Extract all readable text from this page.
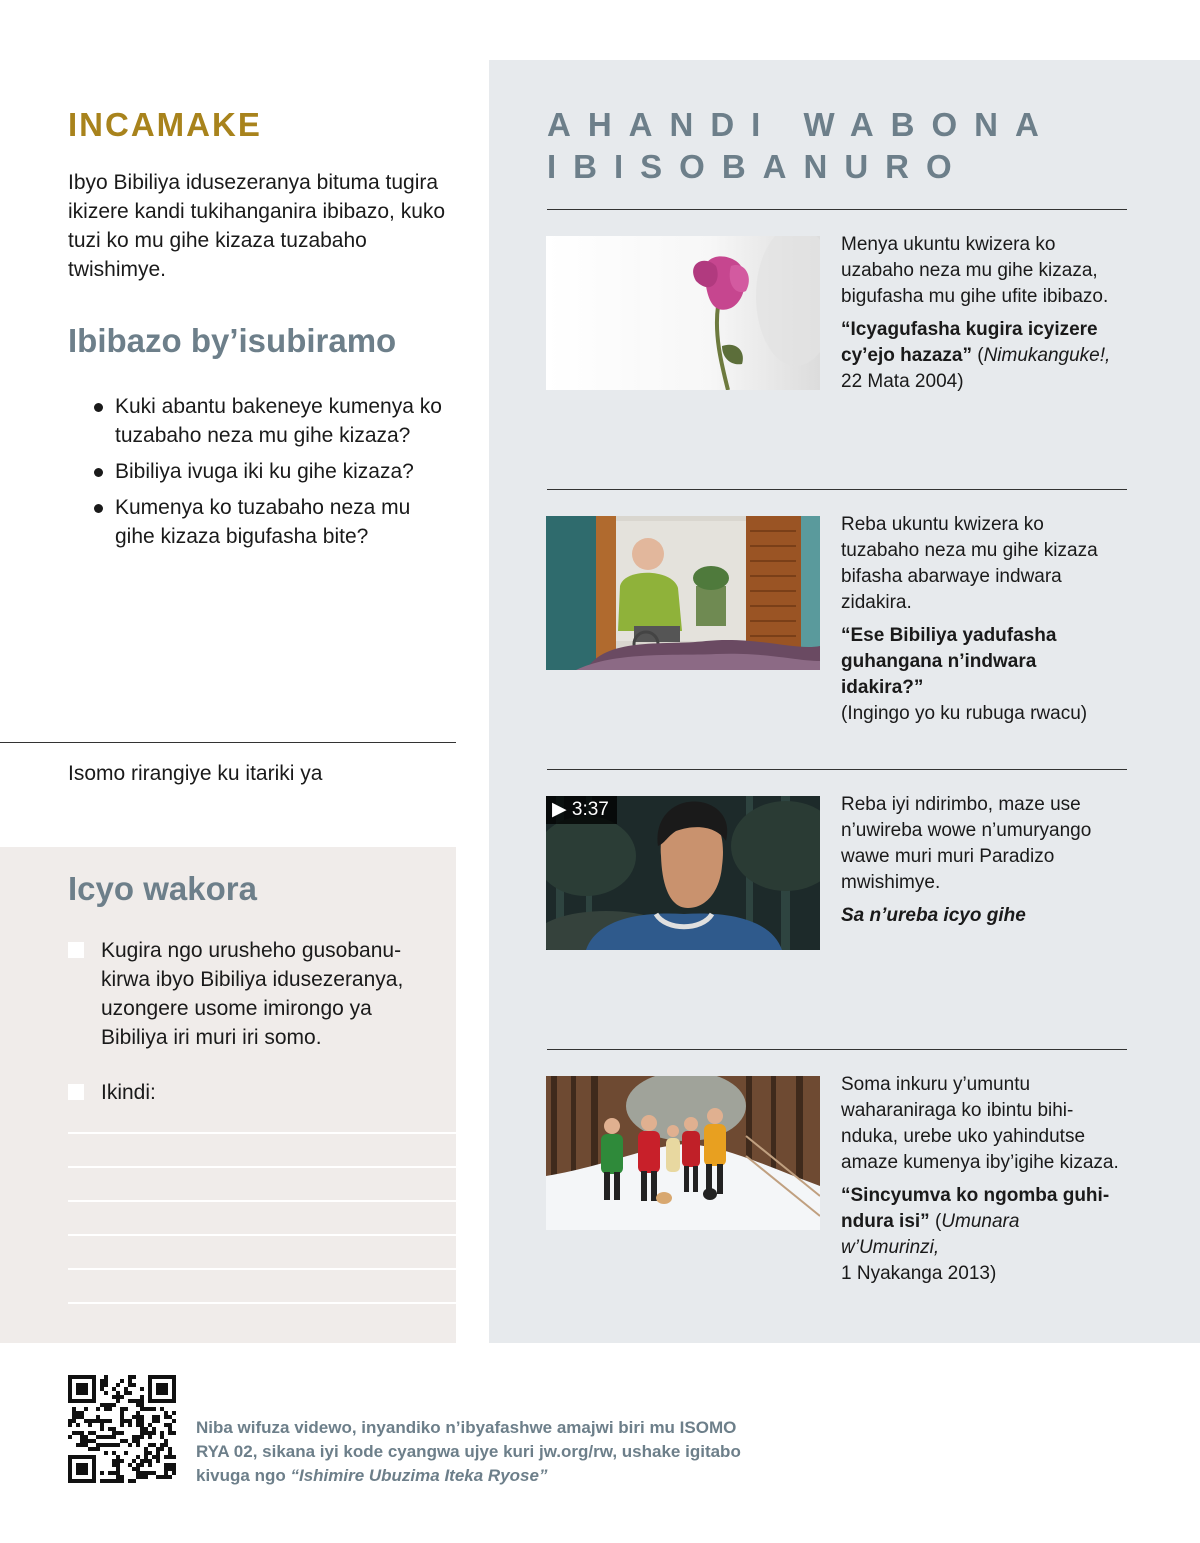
INCAMAKE

Ibyo Bibiliya idusezeranya bituma tugira ikizere kandi tukihanganira ibibazo, kuko tuzi ko mu gihe kizaza tuzabaho twishimye.

Ibibazo by’isubiramo
Kuki abantu bakeneye kumenya ko tuzabaho neza mu gihe kizaza?
Bibiliya ivuga iki ku gihe kizaza?
Kumenya ko tuzabaho neza mu gihe kizaza bigufasha bite?

Isomo rirangiye ku itariki ya

Icyo wakora
Kugira ngo urusheho gusobanu- kirwa ibyo Bibiliya idusezeranya, uzongere usome imirongo ya Bibiliya iri muri iri somo.
Ikindi:
AHANDI WABONA
IBISOBANURO

Menya ukuntu kwizera ko uzabaho neza mu gihe kizaza, bigufasha mu gihe ufite ibibazo.

“Icyagufasha kugira icyizere cy’ejo hazaza” (Nimukanguke!,
22 Mata 2004)

Reba ukuntu kwizera ko tuzabaho neza mu gihe kizaza bifasha abarwaye indwara zidakira.

“Ese Bibiliya yadufasha guhangana n’indwara idakira?”
(Ingingo yo ku rubuga rwacu)
▶ 3:37	Reba iyi ndirimbo, maze use n’uwireba wowe n’umuryango wawe muri muri Paradizo mwishimye.

Sa n’ureba icyo gihe

Soma inkuru y’umuntu waharaniraga ko ibintu bihi- nduka, urebe uko yahindutse amaze kumenya iby’igihe kizaza.

“Sincyumva ko ngomba guhi- ndura isi” (Umunara w’Umurinzi,
1 Nyakanga 2013)

Niba wifuza videwo, inyandiko n’ibyafashwe amajwi biri mu ISOMO RYA 02, sikana iyi kode cyangwa ujye kuri jw.org/rw, ushake igitabo kivuga ngo “Ishimire Ubuzima Iteka Ryose”
